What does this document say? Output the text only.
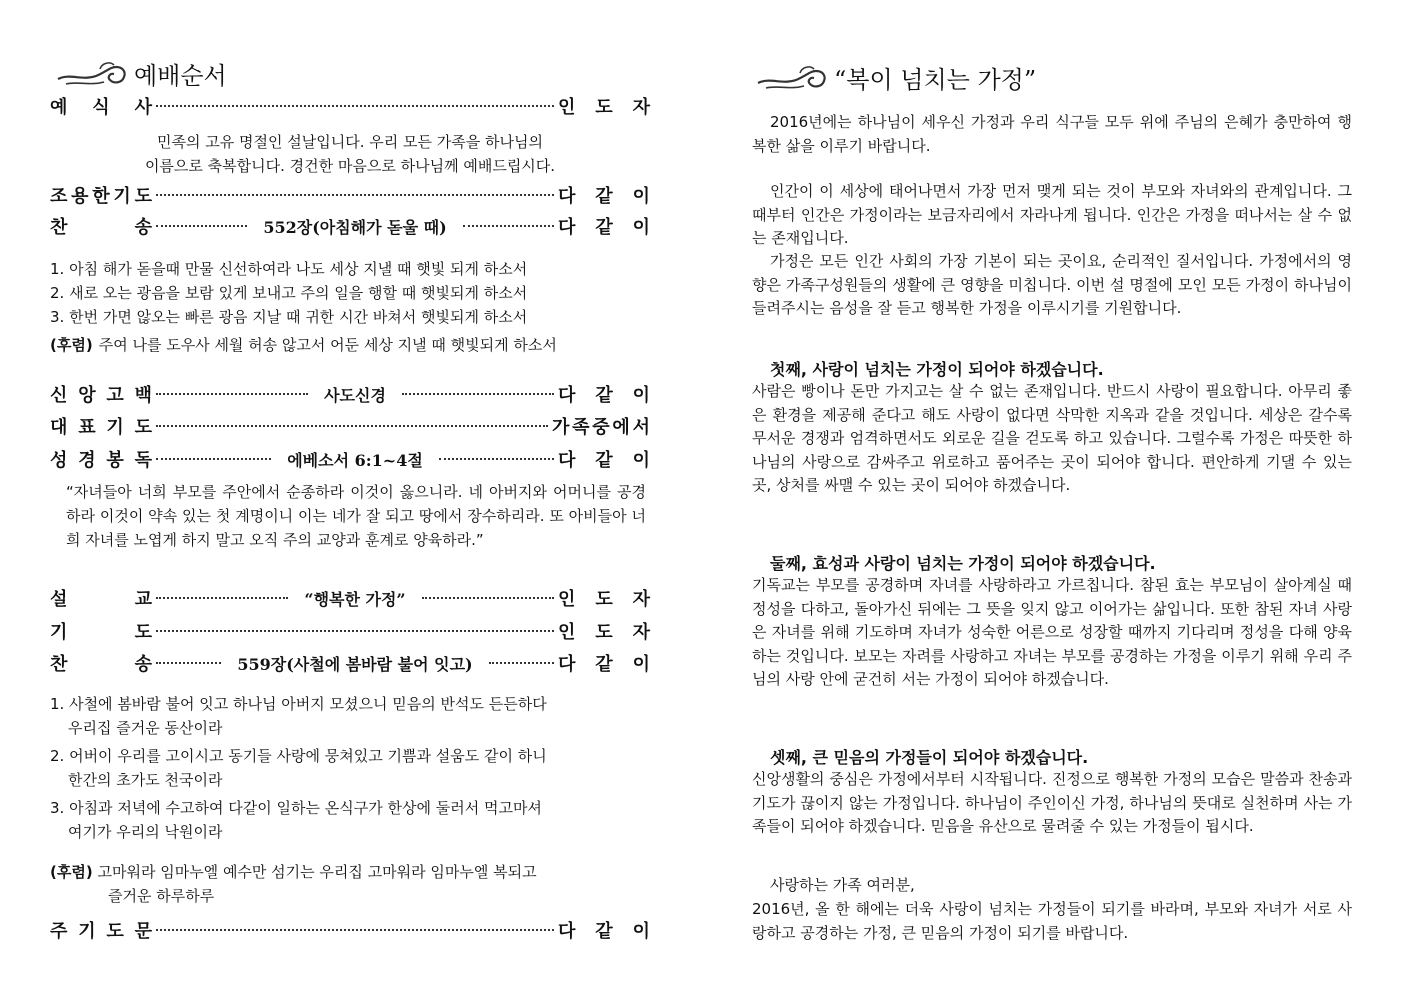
예배순서
예 식 사	인 도 자
민족의 고유 명절인 설날입니다. 우리 모든 가족을 하나님의
이름으로 축복합니다. 경건한 마음으로 하나님께 예배드립시다.
조 용 한 기 도	다 같 이
찬	송	552장(아침해가 돋울 때)	다 같 이
1. 아침 해가 돋을때 만물 신선하여라 나도 세상 지낼 때 햇빛 되게 하소서
2. 새로 오는 광음을 보람 있게 보내고 주의 일을 행할 때 햇빛되게 하소서
3. 한번 가면 않오는 빠른 광음 지날 때 귀한 시간 바쳐서 햇빛되게 하소서
(후렴) 주여 나를 도우사 세월 허송 않고서 어둔 세상 지낼 때 햇빛되게 하소서
신 앙 고 백	사도신경	다 같 이
대 표 기 도	가 족 중 에 서
성 경 봉 독	에베소서 6:1~4절	다 같 이
“자녀들아 너희 부모를 주안에서 순종하라 이것이 옳으니라. 네 아버지와 어머니를 공경하라 이것이 약속 있는 첫 계명이니 이는 네가 잘 되고 땅에서 장수하리라. 또 아비들아 너희 자녀를 노엽게 하지 말고 오직 주의 교양과 훈계로 양육하라.”
설	교	“행복한 가정”	인 도 자
기	도	인 도 자
찬	송	559장(사철에 봄바람 불어 잇고)	다 같 이
1. 사철에 봄바람 불어 잇고 하나님 아버지 모셨으니 믿음의 반석도 든든하다
우리집 즐거운 동산이라
2. 어버이 우리를 고이시고 동기들 사랑에 뭉쳐있고 기쁨과 설움도 같이 하니
한간의 초가도 천국이라
3. 아침과 저녁에 수고하여 다같이 일하는 온식구가 한상에 둘러서 먹고마셔
여기가 우리의 낙원이라
(후렴) 고마워라 임마누엘 예수만 섬기는 우리집 고마워라 임마누엘 복되고
즐거운 하루하루
주 기 도 문	다 같 이
“복이 넘치는 가정”
2016년에는 하나님이 세우신 가정과 우리 식구들 모두 위에 주님의 은혜가 충만하여 행복한 삶을 이루기 바랍니다.
인간이 이 세상에 태어나면서 가장 먼저 맺게 되는 것이 부모와 자녀와의 관계입니다. 그때부터 인간은 가정이라는 보금자리에서 자라나게 됩니다. 인간은 가정을 떠나서는 살 수 없는 존재입니다.
가정은 모든 인간 사회의 가장 기본이 되는 곳이요, 순리적인 질서입니다. 가정에서의 영향은 가족구성원들의 생활에 큰 영향을 미칩니다. 이번 설 명절에 모인 모든 가정이 하나님이 들려주시는 음성을 잘 듣고 행복한 가정을 이루시기를 기원합니다.
첫째, 사랑이 넘치는 가정이 되어야 하겠습니다.
사람은 빵이나 돈만 가지고는 살 수 없는 존재입니다. 반드시 사랑이 필요합니다. 아무리 좋은 환경을 제공해 준다고 해도 사랑이 없다면 삭막한 지옥과 같을 것입니다. 세상은 갈수록 무서운 경쟁과 엄격하면서도 외로운 길을 걷도록 하고 있습니다. 그럴수록 가정은 따뜻한 하나님의 사랑으로 감싸주고 위로하고 품어주는 곳이 되어야 합니다. 편안하게 기댈 수 있는 곳, 상처를 싸맬 수 있는 곳이 되어야 하겠습니다.
둘째, 효성과 사랑이 넘치는 가정이 되어야 하겠습니다.
기독교는 부모를 공경하며 자녀를 사랑하라고 가르칩니다. 참된 효는 부모님이 살아계실 때 정성을 다하고, 돌아가신 뒤에는 그 뜻을 잊지 않고 이어가는 삶입니다. 또한 참된 자녀 사랑은 자녀를 위해 기도하며 자녀가 성숙한 어른으로 성장할 때까지 기다리며 정성을 다해 양육하는 것입니다. 보모는 자려를 사랑하고 자녀는 부모를 공경하는 가정을 이루기 위해 우리 주님의 사랑 안에 굳건히 서는 가정이 되어야 하겠습니다.
셋째, 큰 믿음의 가정들이 되어야 하겠습니다.
신앙생활의 중심은 가정에서부터 시작됩니다. 진정으로 행복한 가정의 모습은 말씀과 찬송과 기도가 끊이지 않는 가정입니다. 하나님이 주인이신 가정, 하나님의 뜻대로 실천하며 사는 가족들이 되어야 하겠습니다. 믿음을 유산으로 물려줄 수 있는 가정들이 됩시다.
사랑하는 가족 여러분,
2016년, 올 한 해에는 더욱 사랑이 넘치는 가정들이 되기를 바라며, 부모와 자녀가 서로 사랑하고 공경하는 가정, 큰 믿음의 가정이 되기를 바랍니다.
